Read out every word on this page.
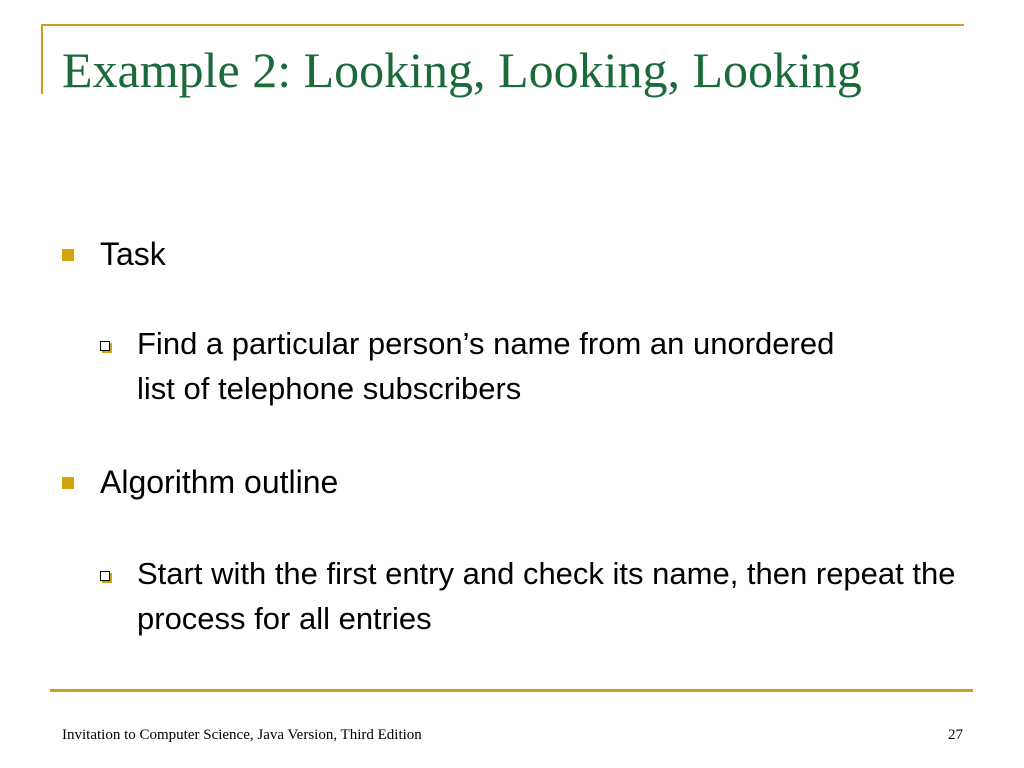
Example 2: Looking, Looking, Looking
Task
Find a particular person’s name from an unordered list of telephone subscribers
Algorithm outline
Start with the first entry and check its name, then repeat the process for all entries
Invitation to Computer Science, Java Version, Third Edition	27
